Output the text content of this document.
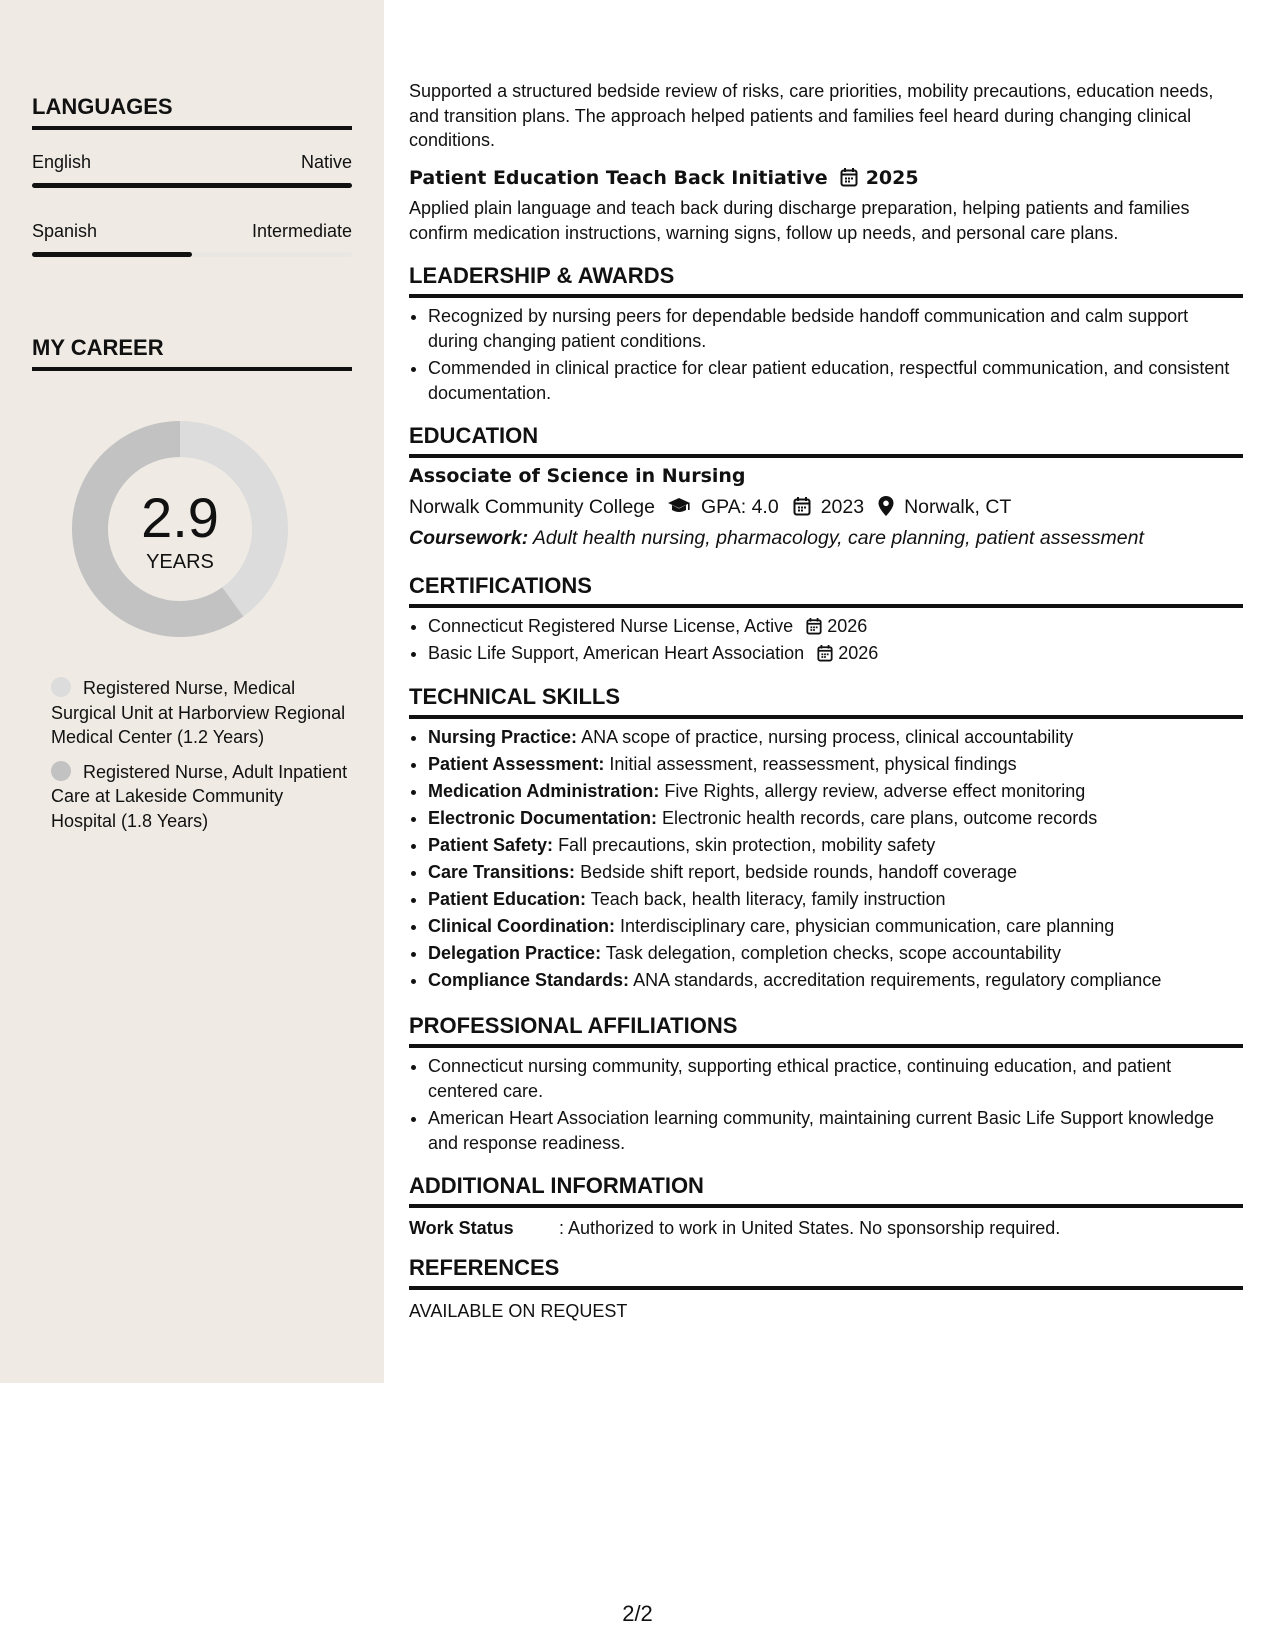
LANGUAGES
English	Native
Spanish	Intermediate
MY CAREER
2.9
YEARS
Registered Nurse, Medical Surgical Unit at Harborview Regional Medical Center (1.2 Years)
Registered Nurse, Adult Inpatient Care at Lakeside Community Hospital (1.8 Years)

Supported a structured bedside review of risks, care priorities, mobility precautions, education needs, and transition plans. The approach helped patients and families feel heard during changing clinical conditions.

Patient Education Teach Back Initiative 2025

Applied plain language and teach back during discharge preparation, helping patients and families confirm medication instructions, warning signs, follow up needs, and personal care plans.

LEADERSHIP & AWARDS
• Recognized by nursing peers for dependable bedside handoff communication and calm support during changing patient conditions.
• Commended in clinical practice for clear patient education, respectful communication, and consistent documentation.
EDUCATION
Associate of Science in Nursing
Norwalk Community College GPA: 4.0 2023 Norwalk, CT
Coursework: Adult health nursing, pharmacology, care planning, patient assessment
CERTIFICATIONS
• Connecticut Registered Nurse License, Active 2026
• Basic Life Support, American Heart Association 2026
TECHNICAL SKILLS
• Nursing Practice: ANA scope of practice, nursing process, clinical accountability
• Patient Assessment: Initial assessment, reassessment, physical findings
• Medication Administration: Five Rights, allergy review, adverse effect monitoring
• Electronic Documentation: Electronic health records, care plans, outcome records
• Patient Safety: Fall precautions, skin protection, mobility safety
• Care Transitions: Bedside shift report, bedside rounds, handoff coverage
• Patient Education: Teach back, health literacy, family instruction
• Clinical Coordination: Interdisciplinary care, physician communication, care planning
• Delegation Practice: Task delegation, completion checks, scope accountability
• Compliance Standards: ANA standards, accreditation requirements, regulatory compliance
PROFESSIONAL AFFILIATIONS
• Connecticut nursing community, supporting ethical practice, continuing education, and patient centered care.
• American Heart Association learning community, maintaining current Basic Life Support knowledge and response readiness.
ADDITIONAL INFORMATION
Work Status	: Authorized to work in United States. No sponsorship required.
REFERENCES
AVAILABLE ON REQUEST
2/2
